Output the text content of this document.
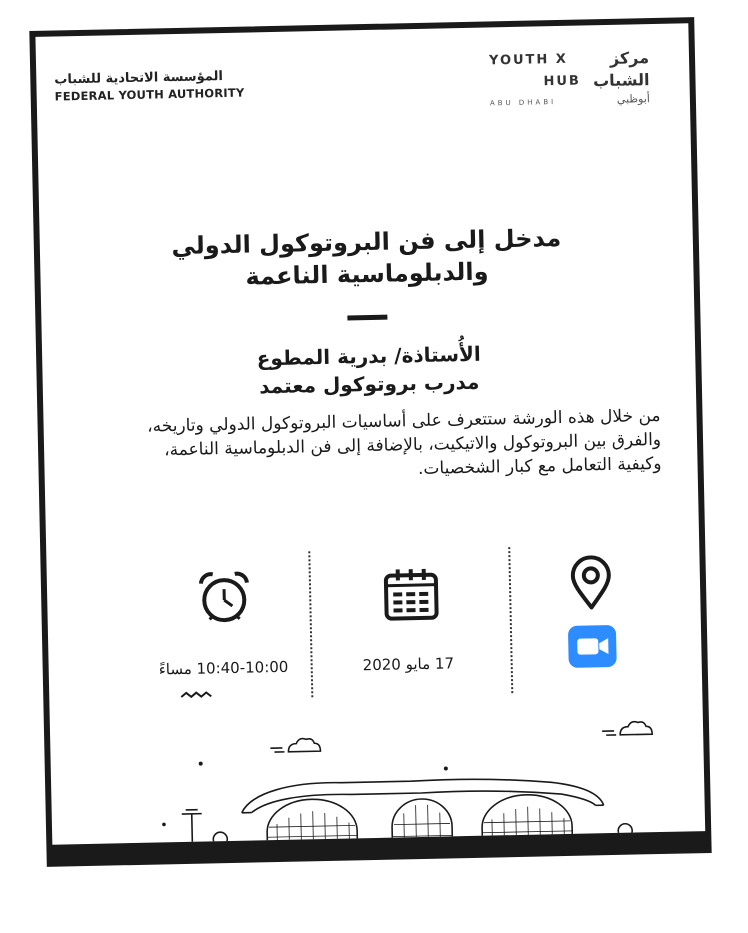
المؤسسة الاتحادية للشباب
FEDERAL YOUTH AUTHORITY
YOUTH X	مركز
HUB الشباب
ABU DHABI	أبوظبي
مدخل إلى فن البروتوكول الدولي
والدبلوماسية الناعمة
الأُستاذة/ بدرية المطوع
مدرب بروتوكول معتمد
من خلال هذه الورشة ستتعرف على أساسيات البروتوكول الدولي وتاريخه، والفرق بين البروتوكول والاتيكيت، بالإضافة إلى فن الدبلوماسية الناعمة، وكيفية التعامل مع كبار الشخصيات.
10:40-10:00 مساءً	17 مايو 2020
